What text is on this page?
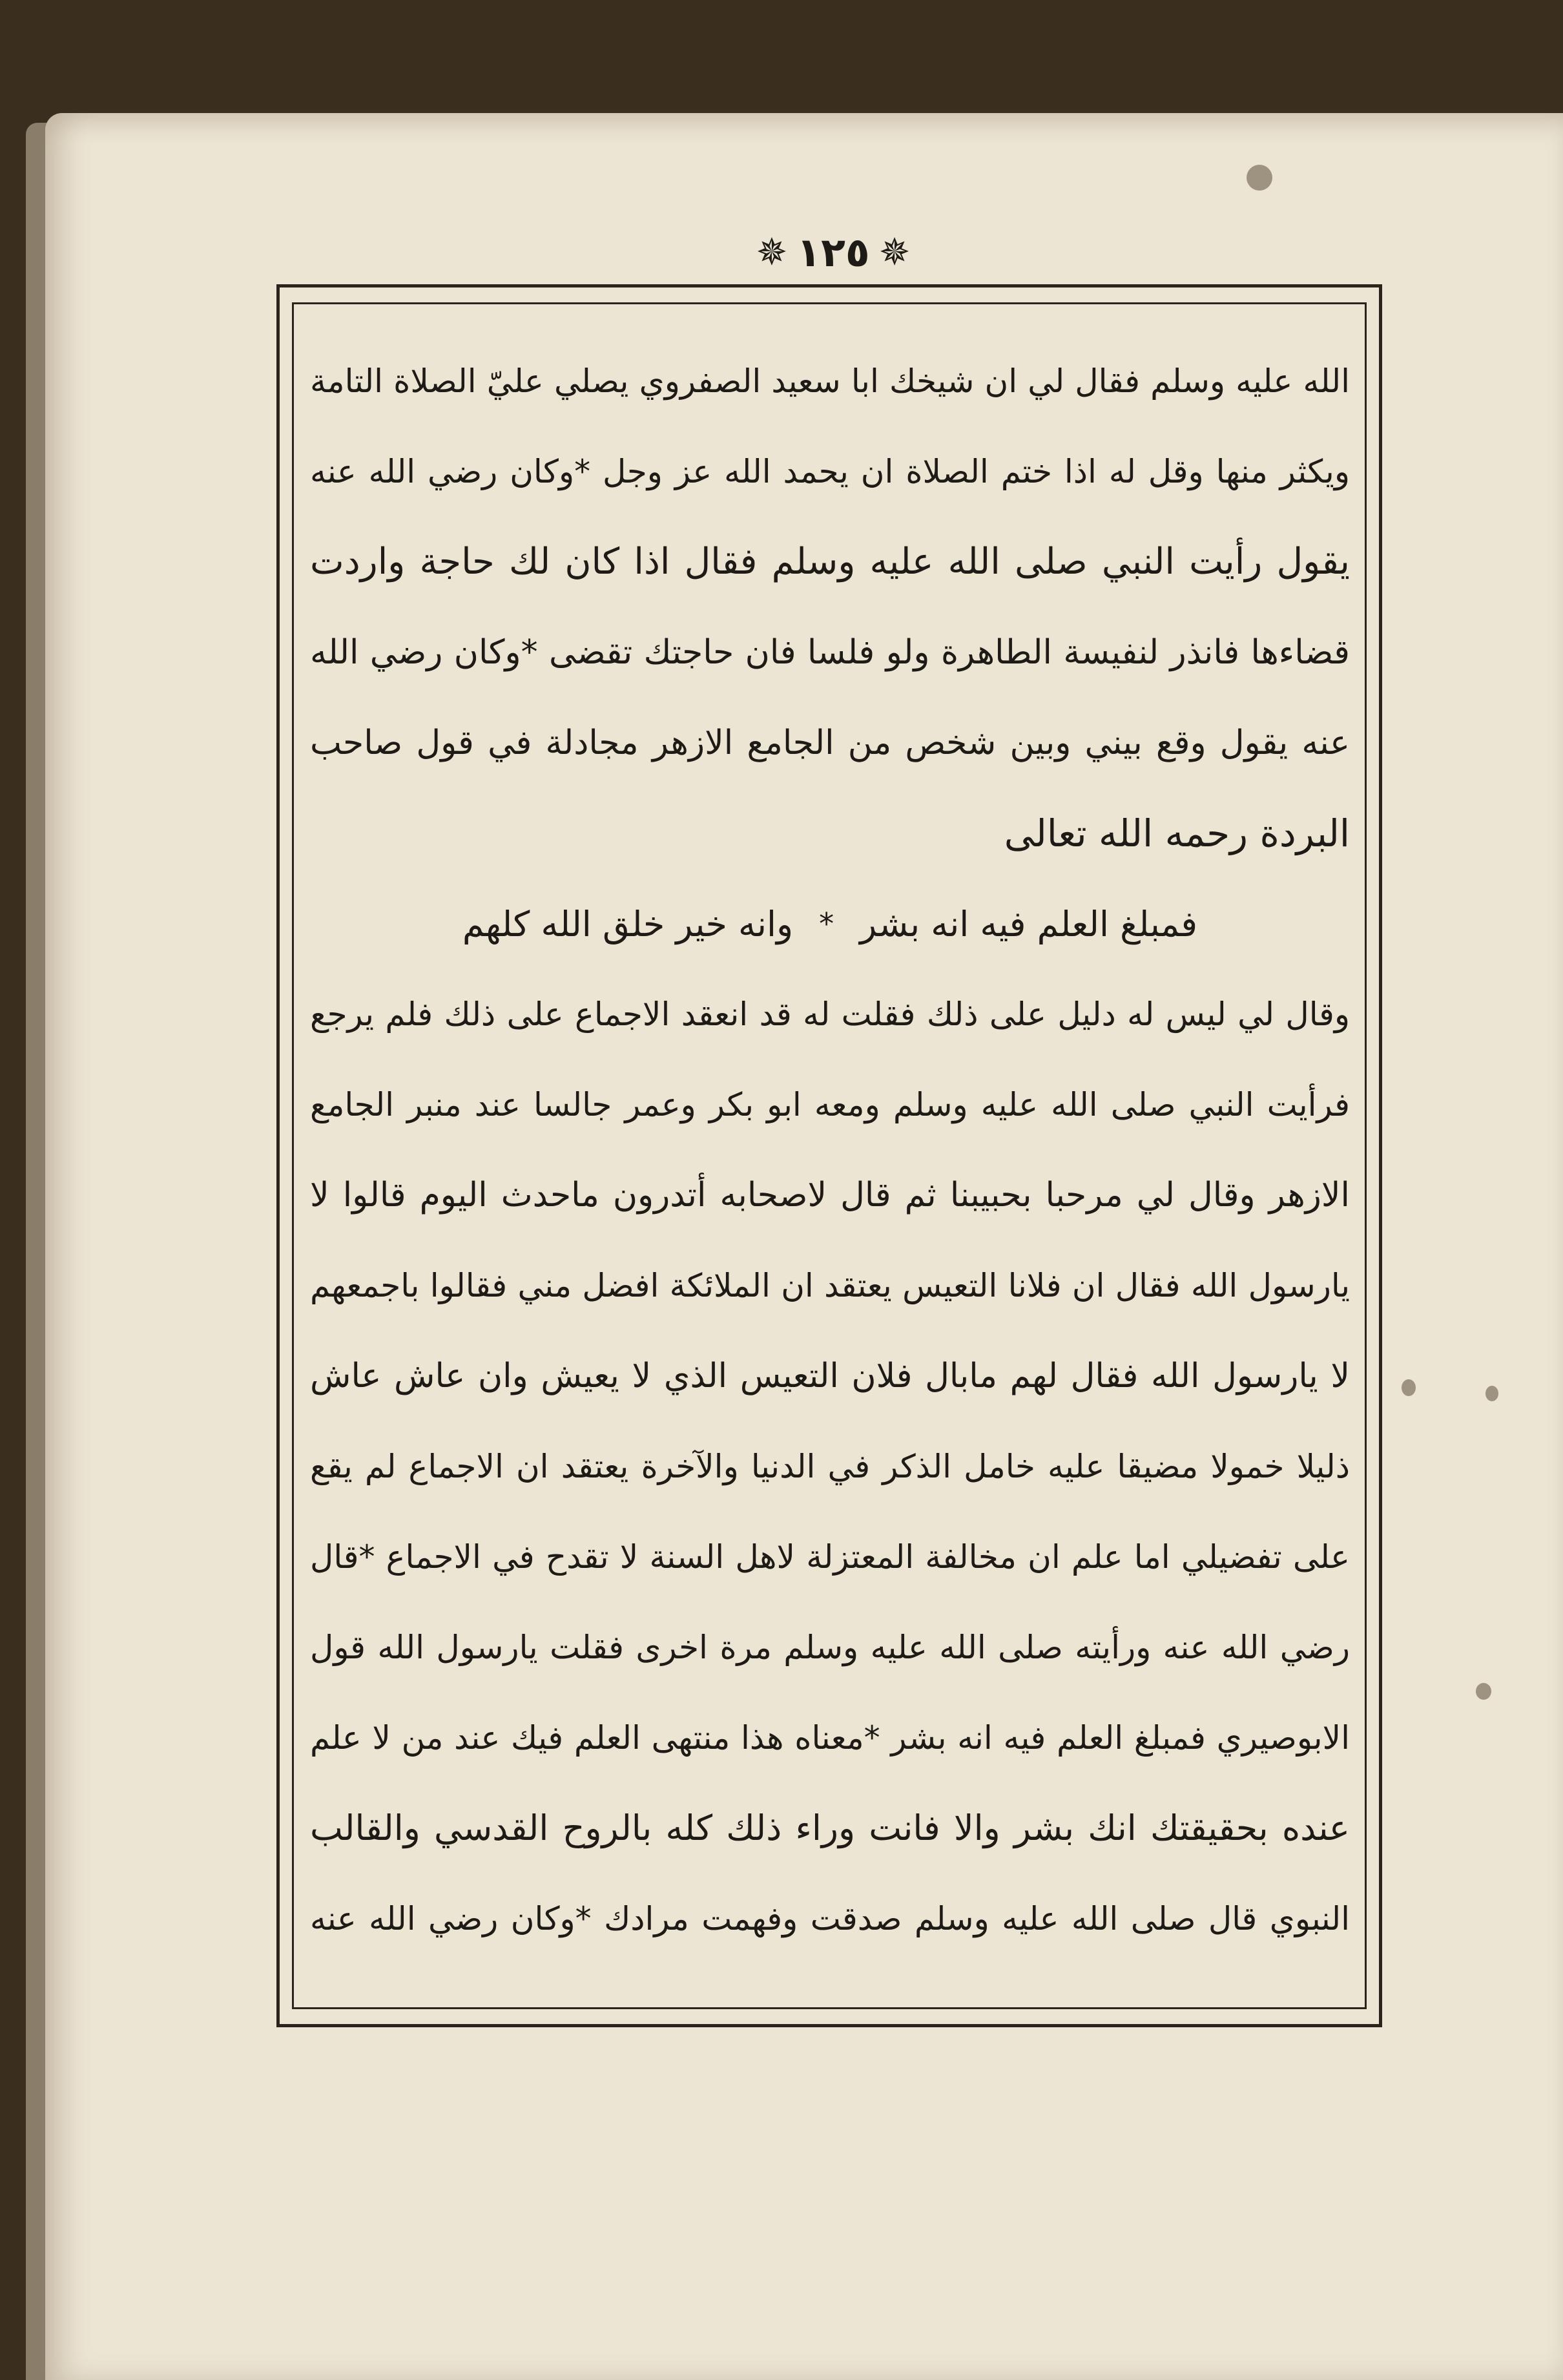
✵ ١٢٥ ✵
الله عليه وسلم فقال لي ان شيخك ابا سعيد الصفروي يصلي عليّ الصلاة التامة
ويكثر منها وقل له اذا ختم الصلاة ان يحمد الله عز وجل *وكان رضي الله عنه
يقول رأيت النبي صلى الله عليه وسلم فقال اذا كان لك حاجة واردت
قضاءها فانذر لنفيسة الطاهرة ولو فلسا فان حاجتك تقضى *وكان رضي الله
عنه يقول وقع بيني وبين شخص من الجامع الازهر مجادلة في قول صاحب
البردة رحمه الله تعالى
فمبلغ العلم فيه انه بشر
*
وانه خير خلق الله كلهم
وقال لي ليس له دليل على ذلك فقلت له قد انعقد الاجماع على ذلك فلم يرجع
فرأيت النبي صلى الله عليه وسلم ومعه ابو بكر وعمر جالسا عند منبر الجامع
الازهر وقال لي مرحبا بحبيبنا ثم قال لاصحابه أتدرون ماحدث اليوم قالوا لا
يارسول الله فقال ان فلانا التعيس يعتقد ان الملائكة افضل مني فقالوا باجمعهم
لا يارسول الله فقال لهم مابال فلان التعيس الذي لا يعيش وان عاش عاش
ذليلا خمولا مضيقا عليه خامل الذكر في الدنيا والآخرة يعتقد ان الاجماع لم يقع
على تفضيلي اما علم ان مخالفة المعتزلة لاهل السنة لا تقدح في الاجماع *قال
رضي الله عنه ورأيته صلى الله عليه وسلم مرة اخرى فقلت يارسول الله قول
الابوصيري فمبلغ العلم فيه انه بشر *معناه هذا منتهى العلم فيك عند من لا علم
عنده بحقيقتك انك بشر والا فانت وراء ذلك كله بالروح القدسي والقالب
النبوي قال صلى الله عليه وسلم صدقت وفهمت مرادك *وكان رضي الله عنه
